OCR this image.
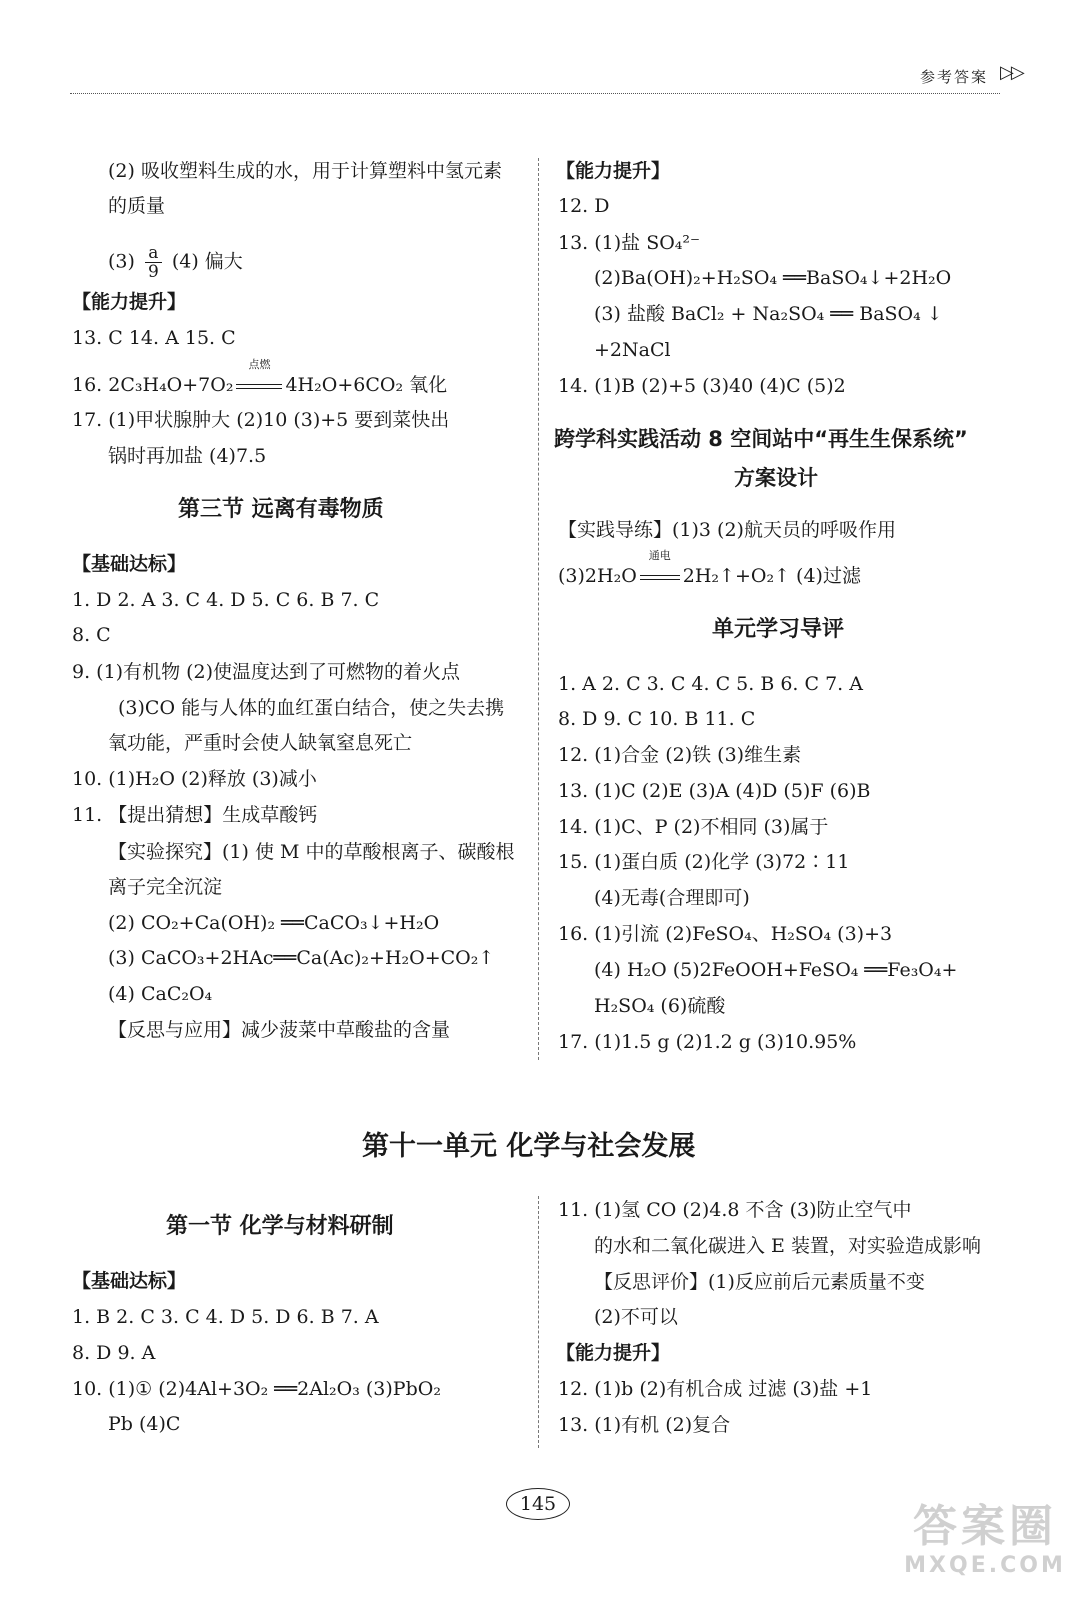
参考答案 ▷▷
(2) 吸收塑料生成的水，用于计算塑料中氢元素
的质量
$(3) \frac{a}{9} (4)$ 偏大
【能力提升】
13. C 14. A 15. C
16. 2C₃H₄O+7O₂
点燃
4H₂O+6CO₂ 氧化
17. (1)甲状腺肿大 (2)10 (3)+5 要到菜快出
锅时再加盐 (4)7.5
第三节 远离有毒物质
【基础达标】
1. D 2. A 3. C 4. D 5. C 6. B 7. C
8. C
9. (1)有机物 (2)使温度达到了可燃物的着火点
(3)CO 能与人体的血红蛋白结合，使之失去携
氧功能，严重时会使人缺氧窒息死亡
10. (1)H₂O (2)释放 (3)减小
11. 【提出猜想】生成草酸钙
【实验探究】(1) 使 M 中的草酸根离子、碳酸根
离子完全沉淀
(2) CO₂+Ca(OH)₂ ══CaCO₃↓+H₂O
(3) CaCO₃+2HAc══Ca(Ac)₂+H₂O+CO₂↑
(4) CaC₂O₄
【反思与应用】减少菠菜中草酸盐的含量
【能力提升】
12. D
13. (1)盐 SO₄²⁻
(2)Ba(OH)₂+H₂SO₄ ══BaSO₄↓+2H₂O
(3) 盐酸 BaCl₂ + Na₂SO₄ ══ BaSO₄ ↓
+2NaCl
14. (1)B (2)+5 (3)40 (4)C (5)2
跨学科实践活动 8 空间站中“再生生保系统”
方案设计
【实践导练】(1)3 (2)航天员的呼吸作用
(3)2H₂O
通电
2H₂↑+O₂↑ (4)过滤
单元学习导评
1. A 2. C 3. C 4. C 5. B 6. C 7. A
8. D 9. C 10. B 11. C
12. (1)合金 (2)铁 (3)维生素
13. (1)C (2)E (3)A (4)D (5)F (6)B
14. (1)C、P (2)不相同 (3)属于
15. (1)蛋白质 (2)化学 (3)72∶11
(4)无毒(合理即可)
16. (1)引流 (2)FeSO₄、H₂SO₄ (3)+3
(4) H₂O (5)2FeOOH+FeSO₄ ══Fe₃O₄+
H₂SO₄ (6)硫酸
17. (1)1.5 g (2)1.2 g (3)10.95%
第十一单元 化学与社会发展
第一节 化学与材料研制
【基础达标】
1. B 2. C 3. C 4. D 5. D 6. B 7. A
8. D 9. A
10. (1)① (2)4Al+3O₂ ══2Al₂O₃ (3)PbO₂
Pb (4)C
11. (1)氢 CO (2)4.8 不含 (3)防止空气中
的水和二氧化碳进入 E 装置，对实验造成影响
【反思评价】(1)反应前后元素质量不变
(2)不可以
【能力提升】
12. (1)b (2)有机合成 过滤 (3)盐 +1
13. (1)有机 (2)复合
145	答案圈
MXQE.COM
